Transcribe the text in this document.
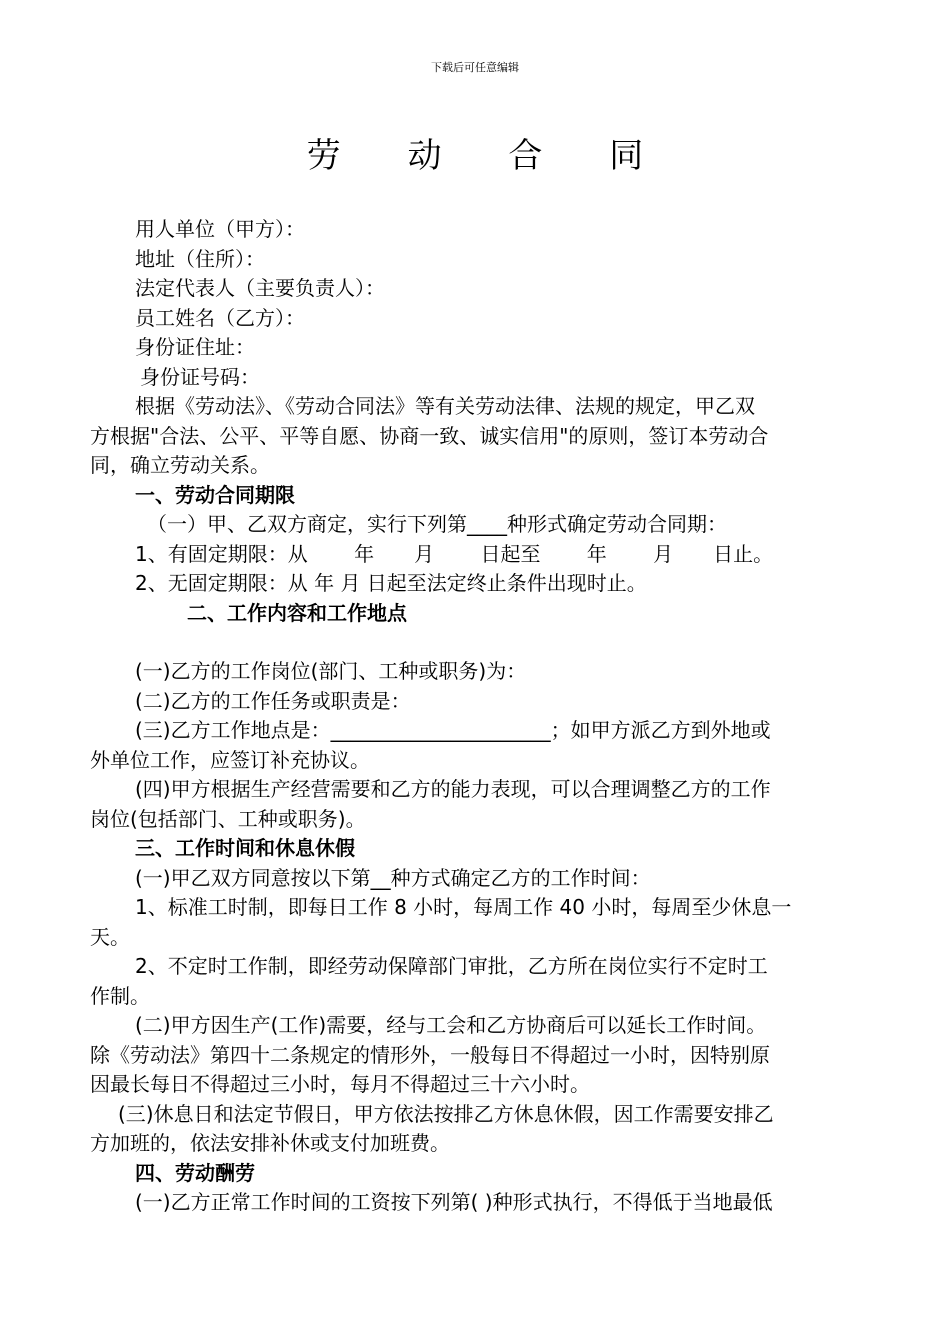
下载后可任意编辑
劳 动 合 同
用人单位（甲方）：
地址（住所）：
法定代表人（主要负责人）：
员工姓名（乙方）：
身份证住址：
身份证号码：
根据《劳动法》、《劳动合同法》等有关劳动法律、法规的规定，甲乙双
方根据"合法、公平、平等自愿、协商一致、诚实信用"的原则，签订本劳动合
同，确立劳动关系。
一、劳动合同期限
（一）甲、乙双方商定，实行下列第____种形式确定劳动合同期：
1、有固定期限：从　　 年　　月　　 日起至　　 年　　 月　　日止。
2、无固定期限：从 年 月 日起至法定终止条件出现时止。
二、工作内容和工作地点
(一)乙方的工作岗位(部门、工种或职务)为：
(二)乙方的工作任务或职责是：
(三)乙方工作地点是：______________________；如甲方派乙方到外地或
外单位工作，应签订补充协议。
(四)甲方根据生产经营需要和乙方的能力表现，可以合理调整乙方的工作
岗位(包括部门、工种或职务)。
三、工作时间和休息休假
(一)甲乙双方同意按以下第__种方式确定乙方的工作时间：
1、标准工时制，即每日工作 8 小时，每周工作 40 小时，每周至少休息一
天。
2、不定时工作制，即经劳动保障部门审批，乙方所在岗位实行不定时工
作制。
(二)甲方因生产(工作)需要，经与工会和乙方协商后可以延长工作时间。
除《劳动法》第四十二条规定的情形外，一般每日不得超过一小时，因特别原
因最长每日不得超过三小时，每月不得超过三十六小时。
(三)休息日和法定节假日，甲方依法按排乙方休息休假，因工作需要安排乙
方加班的，依法安排补休或支付加班费。
四、劳动酬劳
(一)乙方正常工作时间的工资按下列第( )种形式执行，不得低于当地最低
